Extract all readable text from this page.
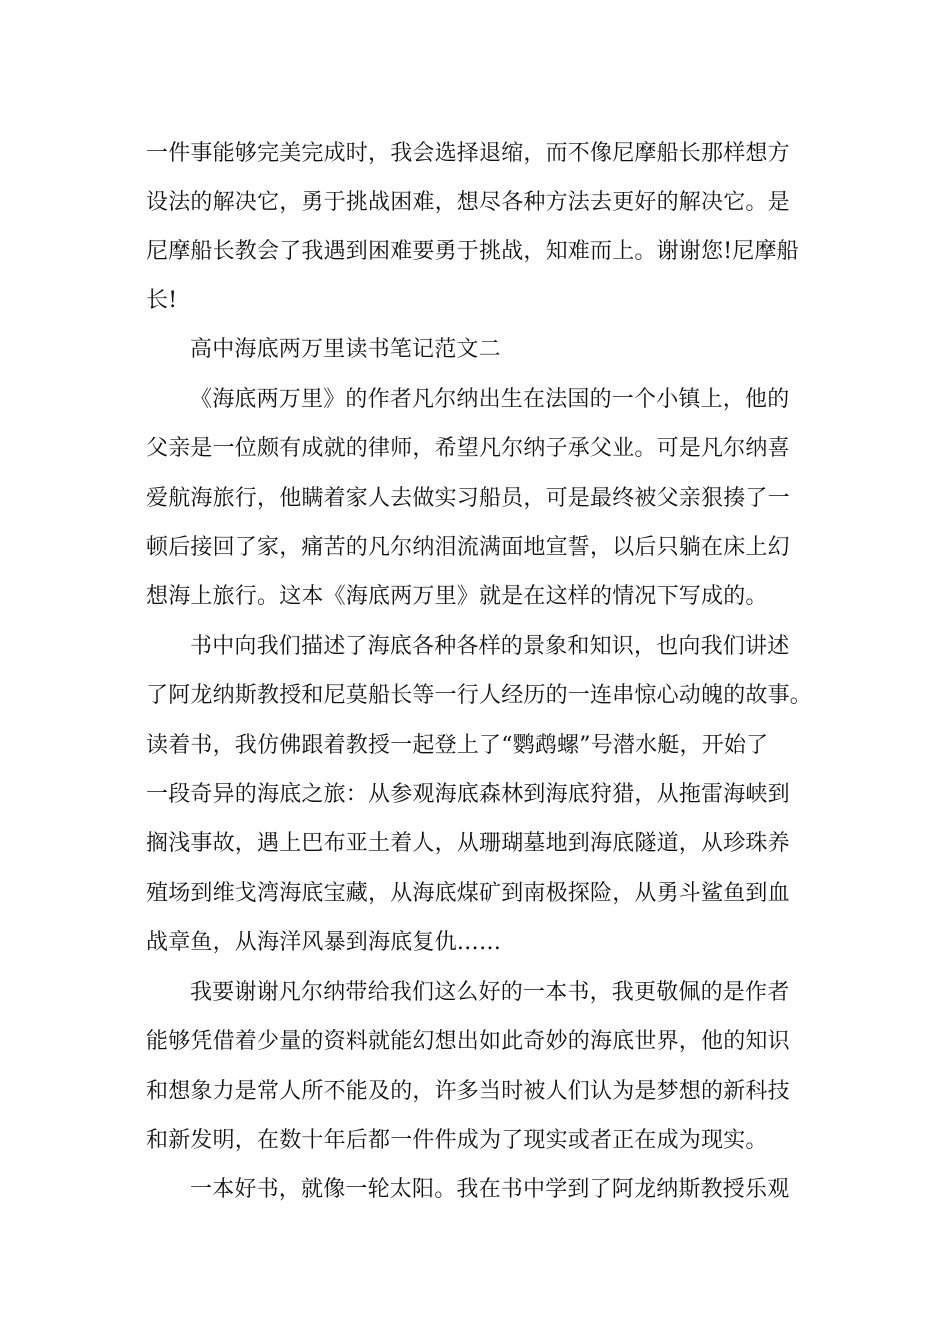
一件事能够完美完成时，我会选择退缩，而不像尼摩船长那样想方
设法的解决它，勇于挑战困难，想尽各种方法去更好的解决它。是
尼摩船长教会了我遇到困难要勇于挑战，知难而上。谢谢您!尼摩船
长!
高中海底两万里读书笔记范文二
《海底两万里》的作者凡尔纳出生在法国的一个小镇上，他的
父亲是一位颇有成就的律师，希望凡尔纳子承父业。可是凡尔纳喜
爱航海旅行，他瞒着家人去做实习船员，可是最终被父亲狠揍了一
顿后接回了家，痛苦的凡尔纳泪流满面地宣誓，以后只躺在床上幻
想海上旅行。这本《海底两万里》就是在这样的情况下写成的。
书中向我们描述了海底各种各样的景象和知识，也向我们讲述
了阿龙纳斯教授和尼莫船长等一行人经历的一连串惊心动魄的故事。
读着书，我仿佛跟着教授一起登上了“鹦鹉螺”号潜水艇，开始了
一段奇异的海底之旅：从参观海底森林到海底狩猎，从拖雷海峡到
搁浅事故，遇上巴布亚土着人，从珊瑚墓地到海底隧道，从珍珠养
殖场到维戈湾海底宝藏，从海底煤矿到南极探险，从勇斗鲨鱼到血
战章鱼，从海洋风暴到海底复仇……
我要谢谢凡尔纳带给我们这么好的一本书，我更敬佩的是作者
能够凭借着少量的资料就能幻想出如此奇妙的海底世界，他的知识
和想象力是常人所不能及的，许多当时被人们认为是梦想的新科技
和新发明，在数十年后都一件件成为了现实或者正在成为现实。
一本好书，就像一轮太阳。我在书中学到了阿龙纳斯教授乐观
